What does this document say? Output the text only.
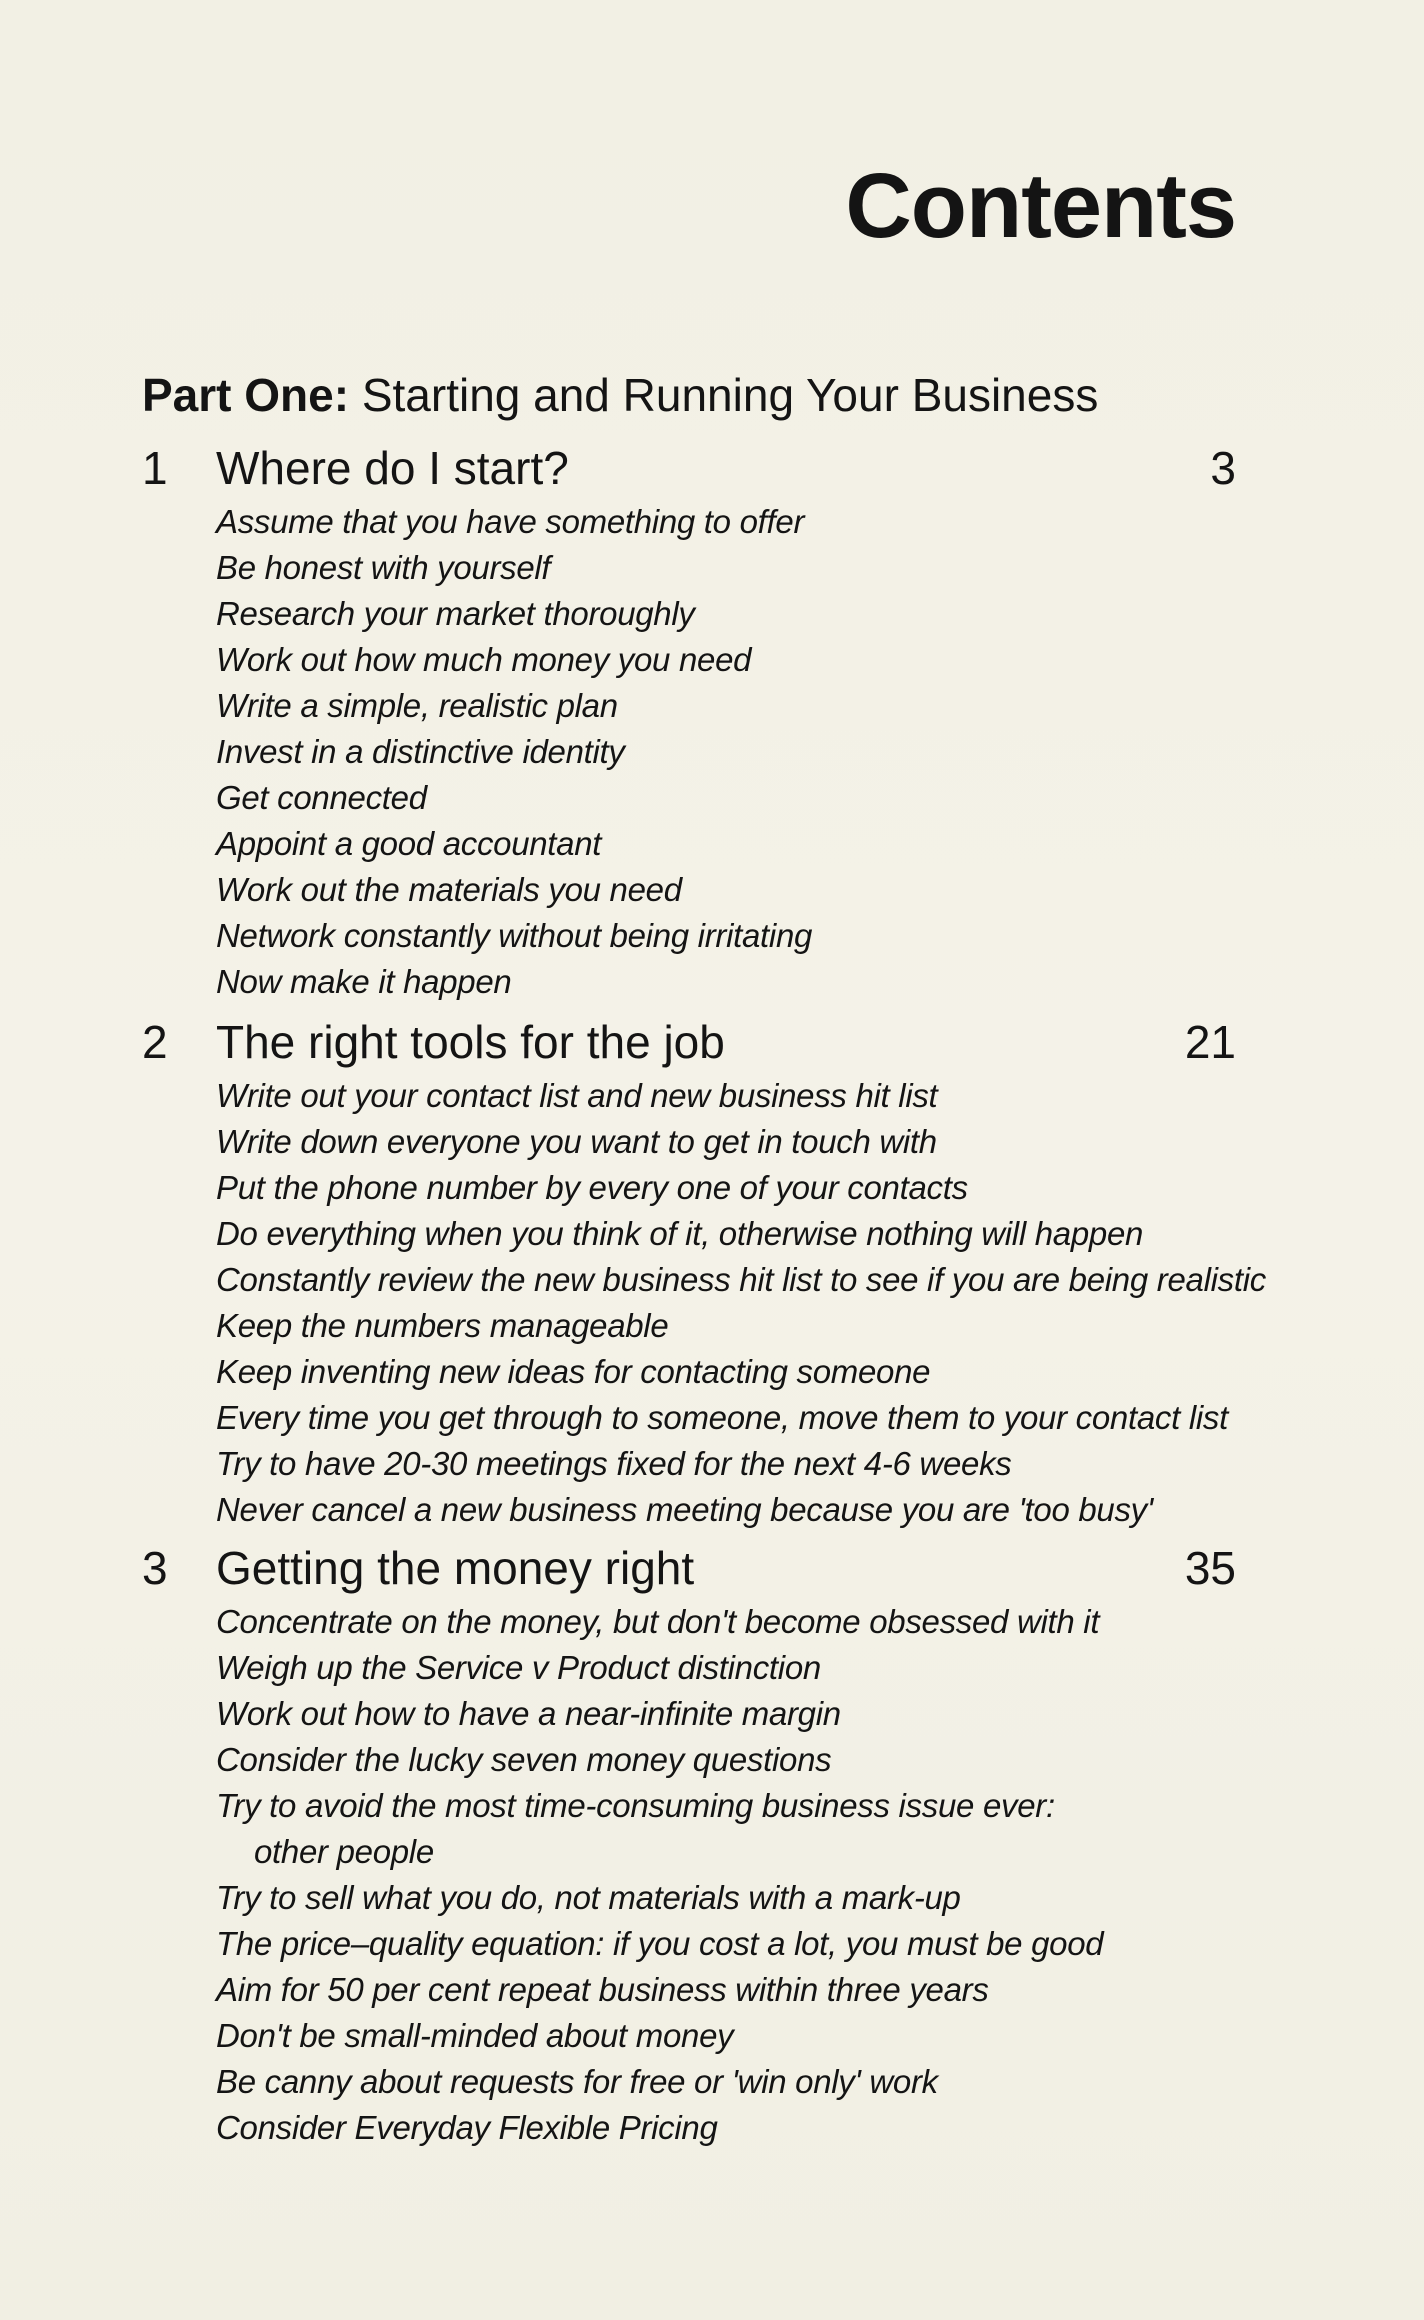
Contents
Part One: Starting and Running Your Business
1 Where do I start?	3
Assume that you have something to offer
Be honest with yourself
Research your market thoroughly
Work out how much money you need
Write a simple, realistic plan
Invest in a distinctive identity
Get connected
Appoint a good accountant
Work out the materials you need
Network constantly without being irritating
Now make it happen
2 The right tools for the job	21
Write out your contact list and new business hit list
Write down everyone you want to get in touch with
Put the phone number by every one of your contacts
Do everything when you think of it, otherwise nothing will happen
Constantly review the new business hit list to see if you are being realistic
Keep the numbers manageable
Keep inventing new ideas for contacting someone
Every time you get through to someone, move them to your contact list
Try to have 20-30 meetings fixed for the next 4-6 weeks
Never cancel a new business meeting because you are 'too busy'
3 Getting the money right	35
Concentrate on the money, but don't become obsessed with it
Weigh up the Service v Product distinction
Work out how to have a near-infinite margin
Consider the lucky seven money questions
Try to avoid the most time-consuming business issue ever:
other people
Try to sell what you do, not materials with a mark-up
The price–quality equation: if you cost a lot, you must be good
Aim for 50 per cent repeat business within three years
Don't be small-minded about money
Be canny about requests for free or 'win only' work
Consider Everyday Flexible Pricing
